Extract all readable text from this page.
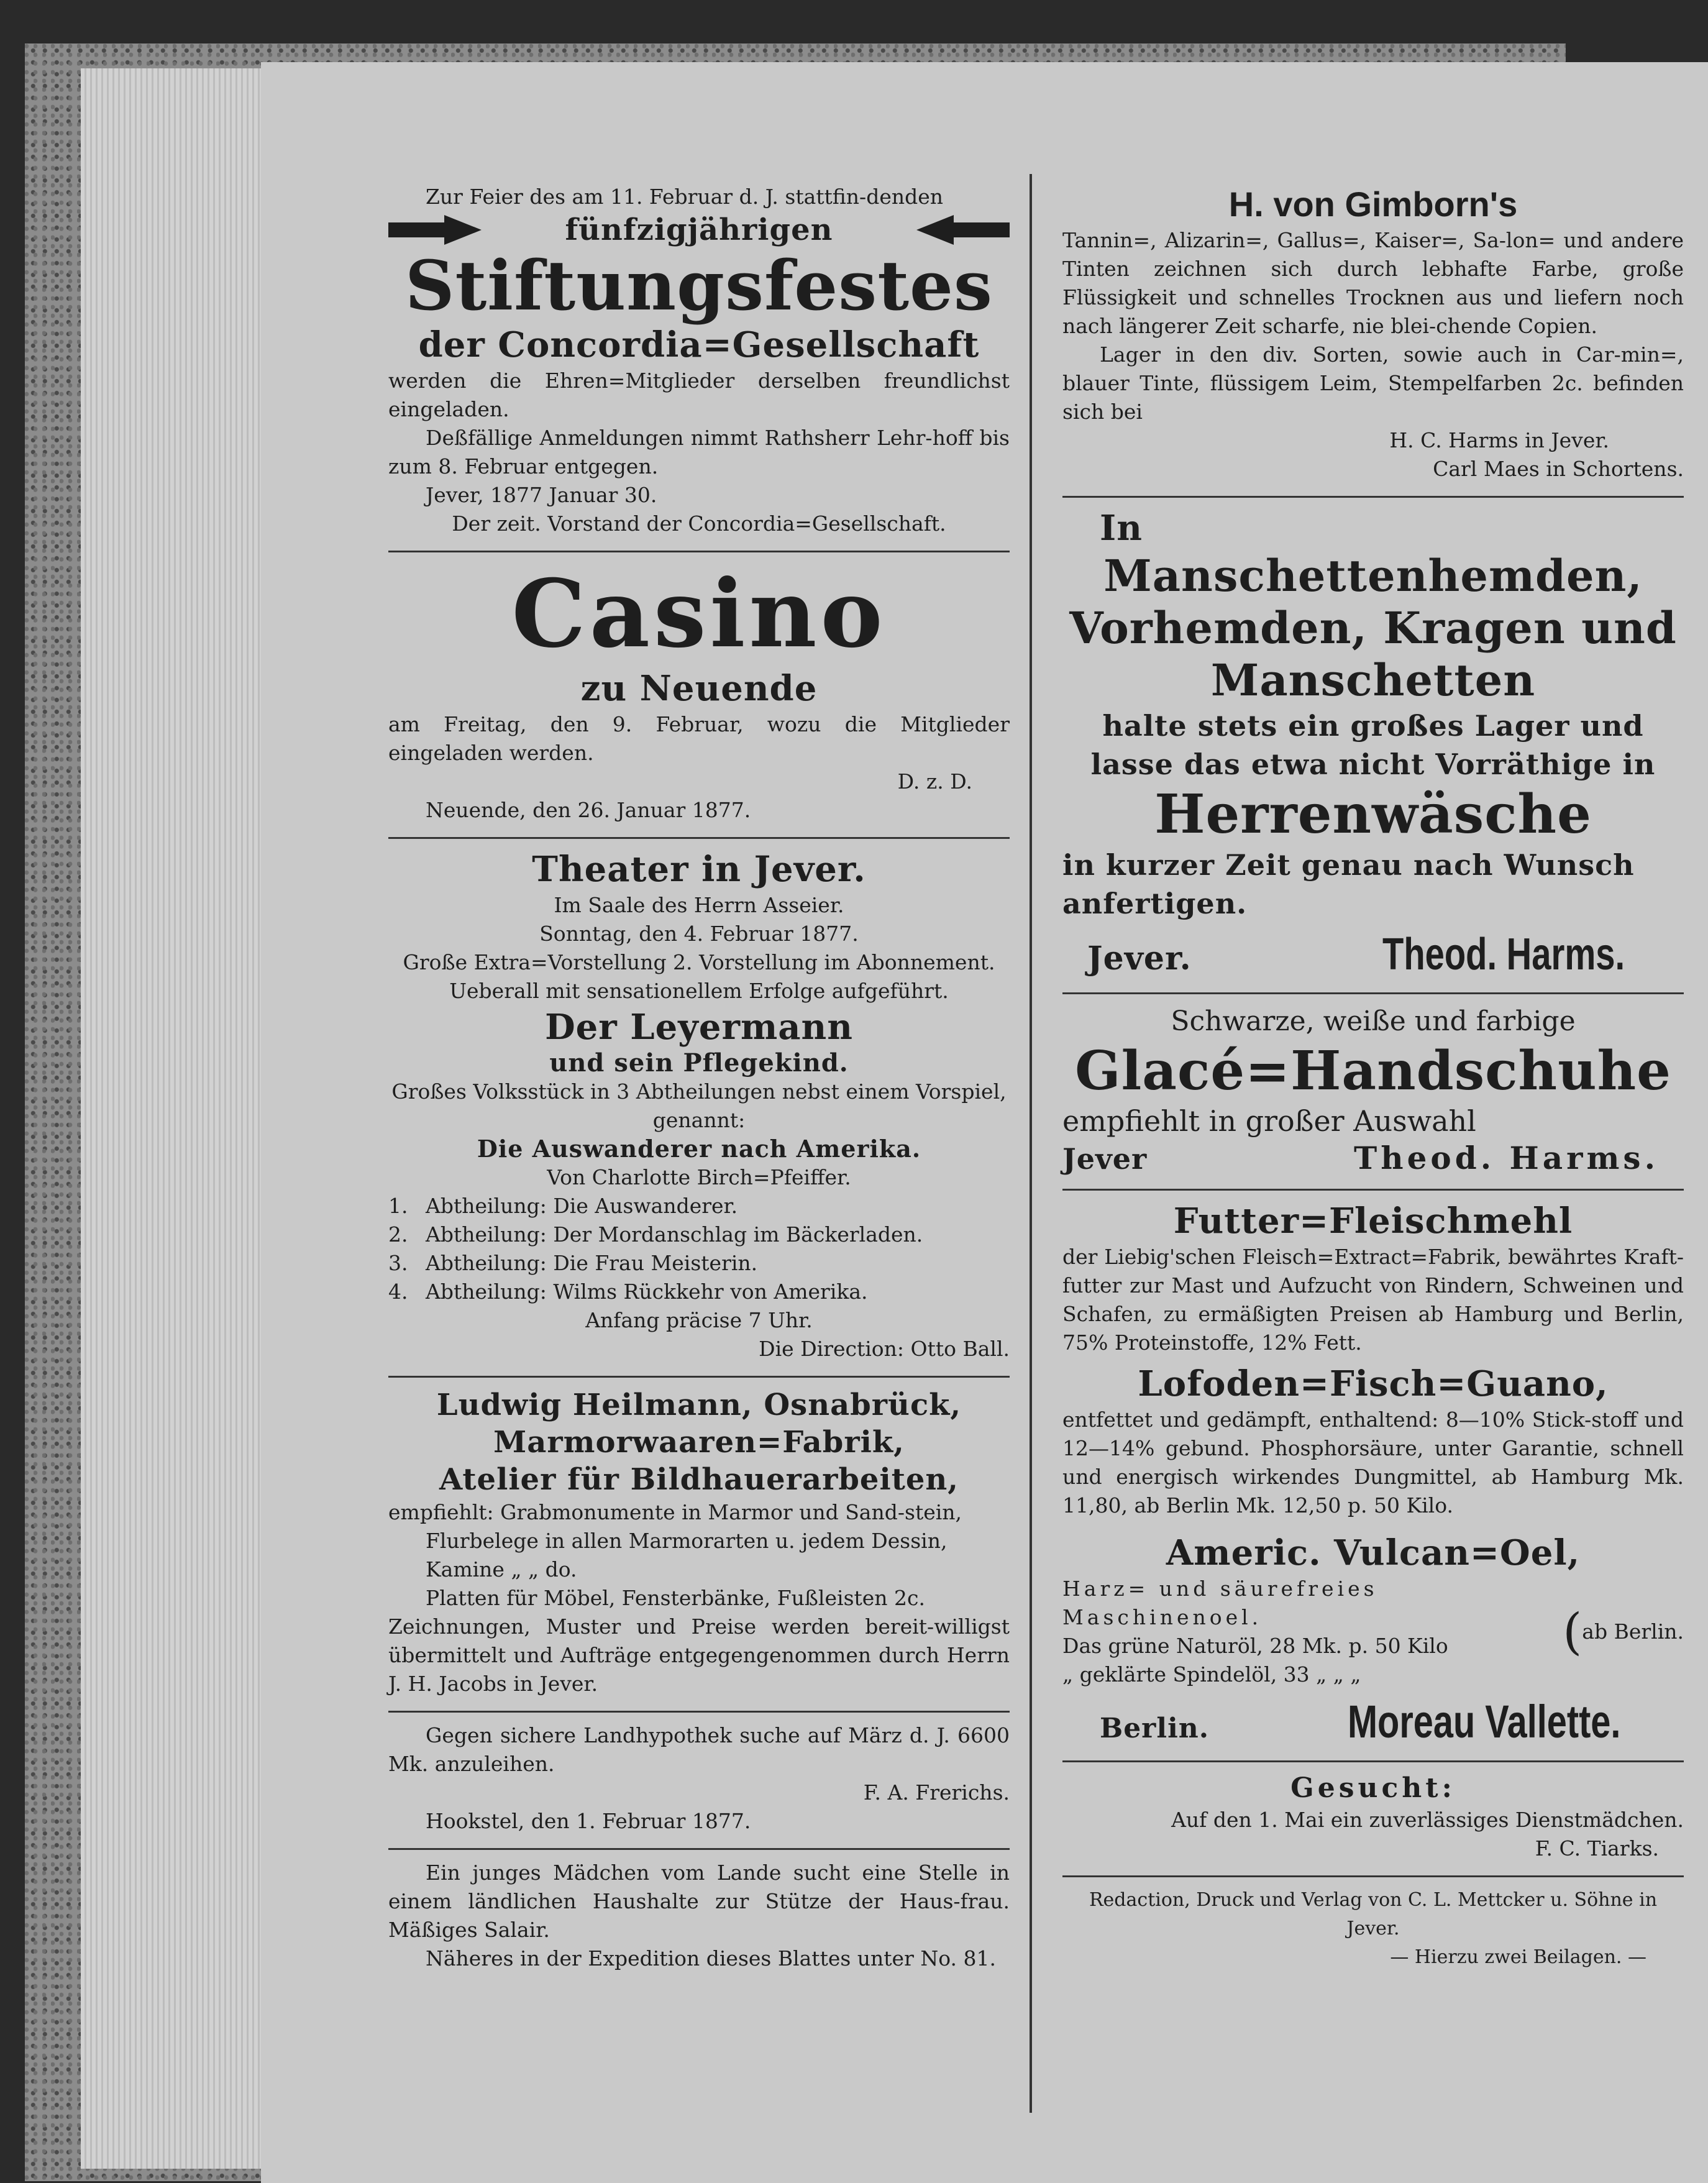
Zur Feier des am 11. Februar d. J. stattfin-denden

fünfzigjährigen
Stiftungsfestes
der Concordia=Gesellschaft

werden die Ehren=Mitglieder derselben freundlichst eingeladen.

Deßfällige Anmeldungen nimmt Rathsherr Lehr-hoff bis zum 8. Februar entgegen.

Jever, 1877 Januar 30.

Der zeit. Vorstand der Concordia=Gesellschaft.

Casino
zu Neuende

am Freitag, den 9. Februar, wozu die Mitglieder eingeladen werden.

D. z. D.

Neuende, den 26. Januar 1877.

Theater in Jever.

Im Saale des Herrn Asseier.

Sonntag, den 4. Februar 1877.

Große Extra=Vorstellung 2. Vorstellung im Abonnement.

Ueberall mit sensationellem Erfolge aufgeführt.

Der Leyermann

und sein Pflegekind.

Großes Volksstück in 3 Abtheilungen nebst einem Vorspiel, genannt:

Die Auswanderer nach Amerika.

Von Charlotte Birch=Pfeiffer.

1. Abtheilung: Die Auswanderer.
2. Abtheilung: Der Mordanschlag im Bäckerladen.
3. Abtheilung: Die Frau Meisterin.
4. Abtheilung: Wilms Rückkehr von Amerika.

Anfang präcise 7 Uhr.

Die Direction: Otto Ball.

Ludwig Heilmann, Osnabrück,
Marmorwaaren=Fabrik,
Atelier für Bildhauerarbeiten,

empfiehlt: Grabmonumente in Marmor und Sand-stein,

Flurbelege in allen Marmorarten u. jedem Dessin,

Kamine „ „ do.

Platten für Möbel, Fensterbänke, Fußleisten 2c.

Zeichnungen, Muster und Preise werden bereit-willigst übermittelt und Aufträge entgegengenommen durch Herrn J. H. Jacobs in Jever.

Gegen sichere Landhypothek suche auf März d. J. 6600 Mk. anzuleihen.

F. A. Frerichs.

Hookstel, den 1. Februar 1877.

Ein junges Mädchen vom Lande sucht eine Stelle in einem ländlichen Haushalte zur Stütze der Haus-frau. Mäßiges Salair.

Näheres in der Expedition dieses Blattes unter No. 81.

H. von Gimborn's

Tannin=, Alizarin=, Gallus=, Kaiser=, Sa-lon= und andere Tinten zeichnen sich durch lebhafte Farbe, große Flüssigkeit und schnelles Trocknen aus und liefern noch nach längerer Zeit scharfe, nie blei-chende Copien.

Lager in den div. Sorten, sowie auch in Car-min=, blauer Tinte, flüssigem Leim, Stempelfarben 2c. befinden sich bei

H. C. Harms in Jever.

Carl Maes in Schortens.

In
Manschettenhemden,
Vorhemden, Kragen und
Manschetten

halte stets ein großes Lager und lasse das etwa nicht Vorräthige in

Herrenwäsche

in kurzer Zeit genau nach Wunsch anfertigen.

Jever.	Theod. Harms.

Schwarze, weiße und farbige

Glacé=Handschuhe

empfiehlt in großer Auswahl

Jever	Theod. Harms.
Futter=Fleischmehl

der Liebig'schen Fleisch=Extract=Fabrik, bewährtes Kraft-futter zur Mast und Aufzucht von Rindern, Schweinen und Schafen, zu ermäßigten Preisen ab Hamburg und Berlin, 75% Proteinstoffe, 12% Fett.

Lofoden=Fisch=Guano,

entfettet und gedämpft, enthaltend: 8—10% Stick-stoff und 12—14% gebund. Phosphorsäure, unter Garantie, schnell und energisch wirkendes Dungmittel, ab Hamburg Mk. 11,80, ab Berlin Mk. 12,50 p. 50 Kilo.

Americ. Vulcan=Oel,

Harz= und säurefreies Maschinenoel.

Das grüne Naturöl, 28 Mk. p. 50 Kilo

„ geklärte Spindelöl, 33 „ „ „

( ab Berlin.
Berlin.	Moreau Vallette.
Gesucht:

Auf den 1. Mai ein zuverlässiges Dienstmädchen.

F. C. Tiarks.

Redaction, Druck und Verlag von C. L. Mettcker u. Söhne in Jever.

— Hierzu zwei Beilagen. —
